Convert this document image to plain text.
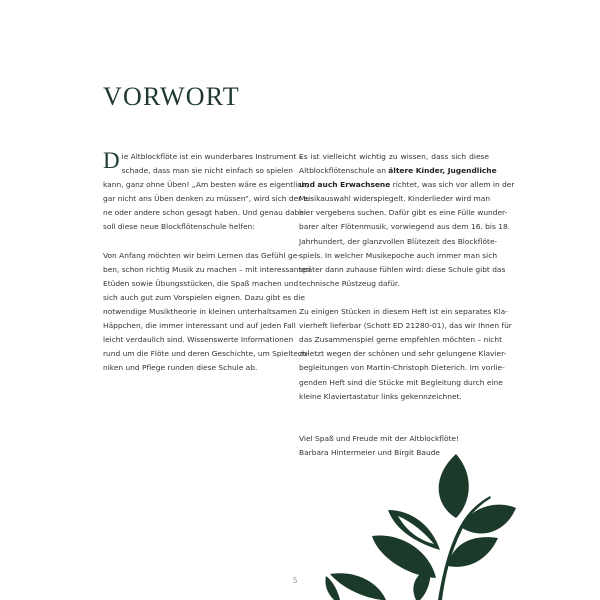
VORWORT
D ie Altblockflöte ist ein wunderbares Instrument –

schade, dass man sie nicht einfach so spielen

kann, ganz ohne Üben! „Am besten wäre es eigentlich,

gar nicht ans Üben denken zu müssen“, wird sich der ei-

ne oder andere schon gesagt haben. Und genau dabei

soll diese neue Blockflötenschule helfen:

Von Anfang möchten wir beim Lernen das Gefühl ge-

ben, schon richtig Musik zu machen – mit interessanten

Etüden sowie Übungsstücken, die Spaß machen und

sich auch gut zum Vorspielen eignen. Dazu gibt es die

notwendige Musiktheorie in kleinen unterhaltsamen

Häppchen, die immer interessant und auf jeden Fall

leicht verdaulich sind. Wissenswerte Informationen

rund um die Flöte und deren Geschichte, um Spieltech-

niken und Pflege runden diese Schule ab.

Es ist vielleicht wichtig zu wissen, dass sich diese

Altblockflötenschule an ältere Kinder, Jugendliche

und auch Erwachsene richtet, was sich vor allem in der

Musikauswahl widerspiegelt. Kinderlieder wird man

hier vergebens suchen. Dafür gibt es eine Fülle wunder-

barer alter Flötenmusik, vorwiegend aus dem 16. bis 18.

Jahrhundert, der glanzvollen Blütezeit des Blockflöte-

spiels. In welcher Musikepoche auch immer man sich

später dann zuhause fühlen wird: diese Schule gibt das

technische Rüstzeug dafür.

Zu einigen Stücken in diesem Heft ist ein separates Kla-

vierheft lieferbar (Schott ED 21280-01), das wir Ihnen für

das Zusammenspiel gerne empfehlen möchten – nicht

zuletzt wegen der schönen und sehr gelungene Klavier-

begleitungen von Martin-Christoph Dieterich. Im vorlie-

genden Heft sind die Stücke mit Begleitung durch eine

kleine Klaviertastatur links gekennzeichnet.

Viel Spaß und Freude mit der Altblockflöte!

Barbara Hintermeier und Birgit Baude

5
